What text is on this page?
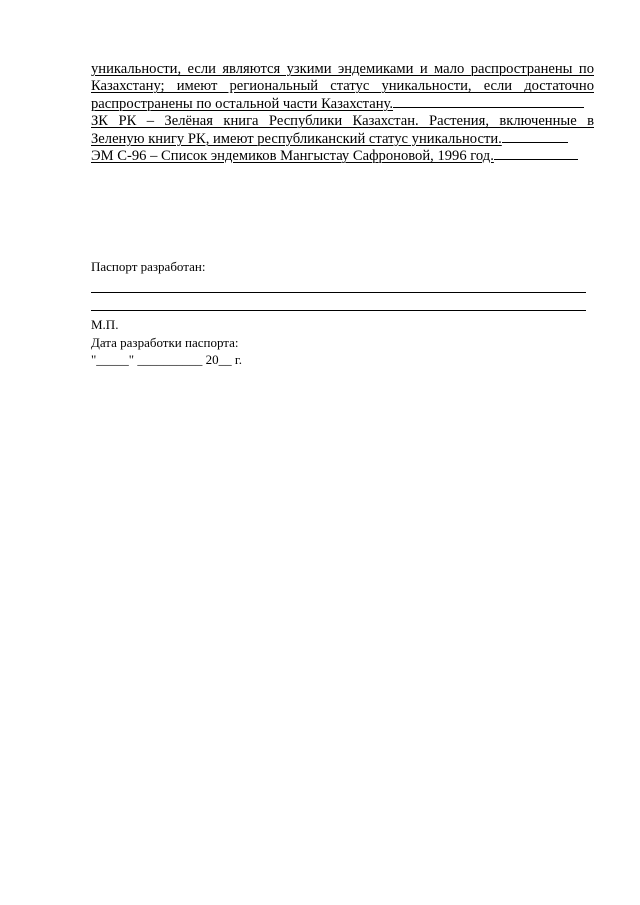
уникальности, если являются узкими эндемиками и мало распространены по
Казахстану; имеют региональный статус уникальности, если достаточно
распространены по остальной части Казахстану.

ЗК РК – Зелёная книга Республики Казахстан. Растения, включенные в
Зеленую книгу РК, имеют республиканский статус уникальности.

ЭМ С-96 – Список эндемиков Мангыстау Сафроновой, 1996 год.

Паспорт разработан:

М.П.
Дата разработки паспорта:
"_____" __________ 20__ г.
